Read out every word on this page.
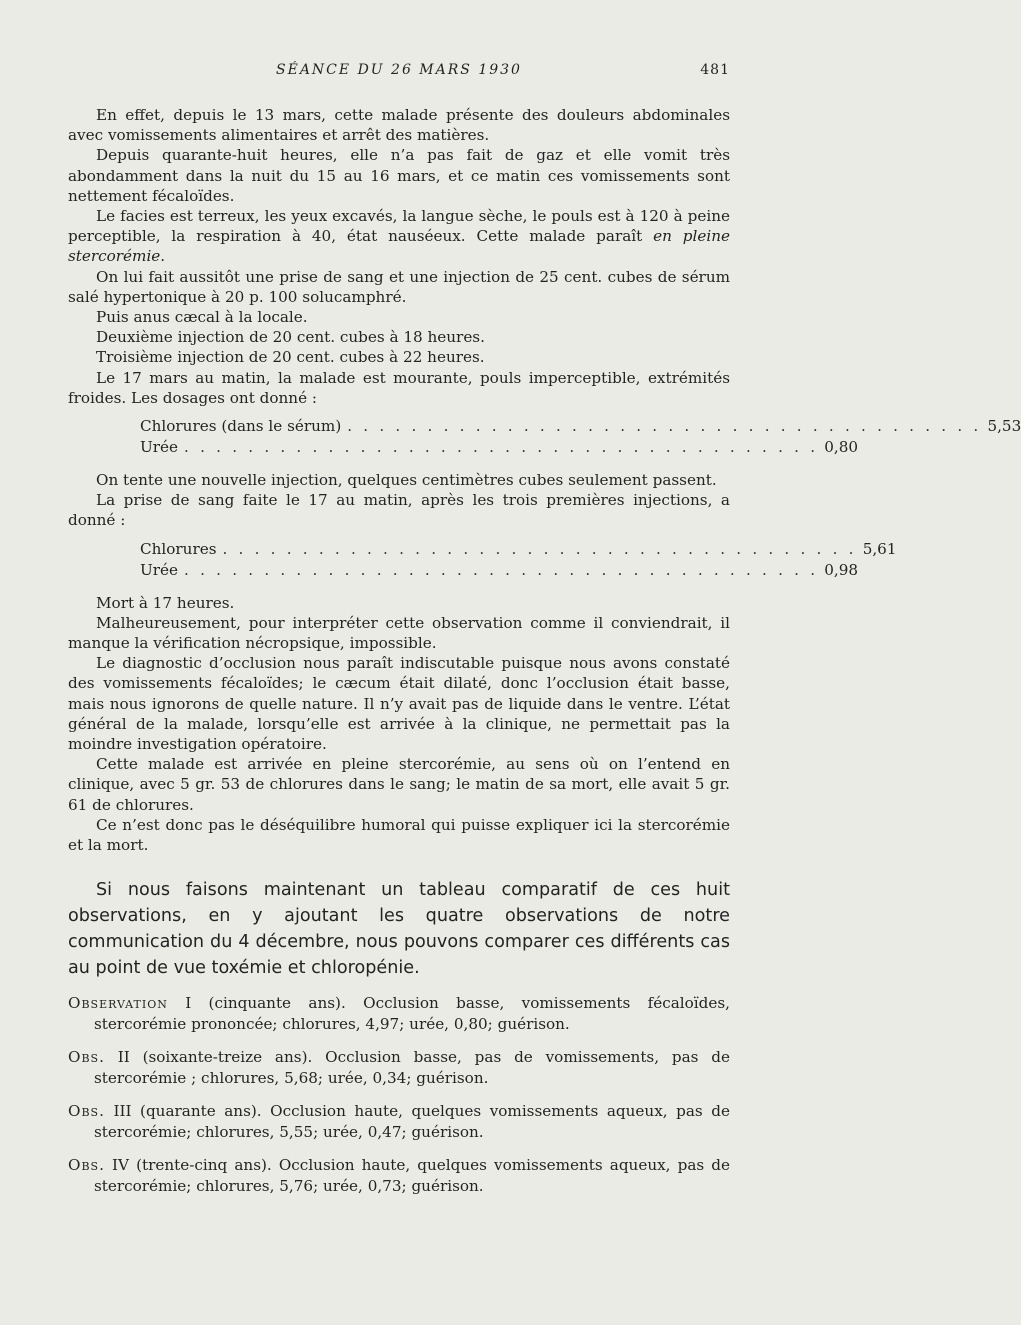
SÉANCE DU 26 MARS 1930	481

En effet, depuis le 13 mars, cette malade présente des douleurs abdominales avec vomissements alimentaires et arrêt des matières.

Depuis quarante-huit heures, elle n’a pas fait de gaz et elle vomit très abondamment dans la nuit du 15 au 16 mars, et ce matin ces vomissements sont nettement fécaloïdes.

Le facies est terreux, les yeux excavés, la langue sèche, le pouls est à 120 à peine perceptible, la respiration à 40, état nauséeux. Cette malade paraît en pleine stercorémie.

On lui fait aussitôt une prise de sang et une injection de 25 cent. cubes de sérum salé hypertonique à 20 p. 100 solucamphré.

Puis anus cæcal à la locale.

Deuxième injection de 20 cent. cubes à 18 heures.

Troisième injection de 20 cent. cubes à 22 heures.

Le 17 mars au matin, la malade est mourante, pouls imperceptible, extrémités froides. Les dosages ont donné :

Chlorures (dans le sérum) . . . . . . . . . . . . . . . . . . . . . . . . . . . . . . . . . . . . . . . . 5,53
Urée . . . . . . . . . . . . . . . . . . . . . . . . . . . . . . . . . . . . . . . . 0,80

On tente une nouvelle injection, quelques centimètres cubes seulement passent.

La prise de sang faite le 17 au matin, après les trois premières injections, a donné :

Chlorures . . . . . . . . . . . . . . . . . . . . . . . . . . . . . . . . . . . . . . . . 5,61
Urée . . . . . . . . . . . . . . . . . . . . . . . . . . . . . . . . . . . . . . . . 0,98

Mort à 17 heures.

Malheureusement, pour interpréter cette observation comme il conviendrait, il manque la vérification nécropsique, impossible.

Le diagnostic d’occlusion nous paraît indiscutable puisque nous avons constaté des vomissements fécaloïdes; le cæcum était dilaté, donc l’occlusion était basse, mais nous ignorons de quelle nature. Il n’y avait pas de liquide dans le ventre. L’état général de la malade, lorsqu’elle est arrivée à la clinique, ne permettait pas la moindre investigation opératoire.

Cette malade est arrivée en pleine stercorémie, au sens où on l’entend en clinique, avec 5 gr. 53 de chlorures dans le sang; le matin de sa mort, elle avait 5 gr. 61 de chlorures.

Ce n’est donc pas le déséquilibre humoral qui puisse expliquer ici la stercorémie et la mort.

Si nous faisons maintenant un tableau comparatif de ces huit observations, en y ajoutant les quatre observations de notre communication du 4 décembre, nous pouvons comparer ces différents cas au point de vue toxémie et chloropénie.

Observation I (cinquante ans). Occlusion basse, vomissements fécaloïdes, stercorémie prononcée; chlorures, 4,97; urée, 0,80; guérison.

Obs. II (soixante-treize ans). Occlusion basse, pas de vomissements, pas de stercorémie ; chlorures, 5,68; urée, 0,34; guérison.

Obs. III (quarante ans). Occlusion haute, quelques vomissements aqueux, pas de stercorémie; chlorures, 5,55; urée, 0,47; guérison.

Obs. IV (trente-cinq ans). Occlusion haute, quelques vomissements aqueux, pas de stercorémie; chlorures, 5,76; urée, 0,73; guérison.
